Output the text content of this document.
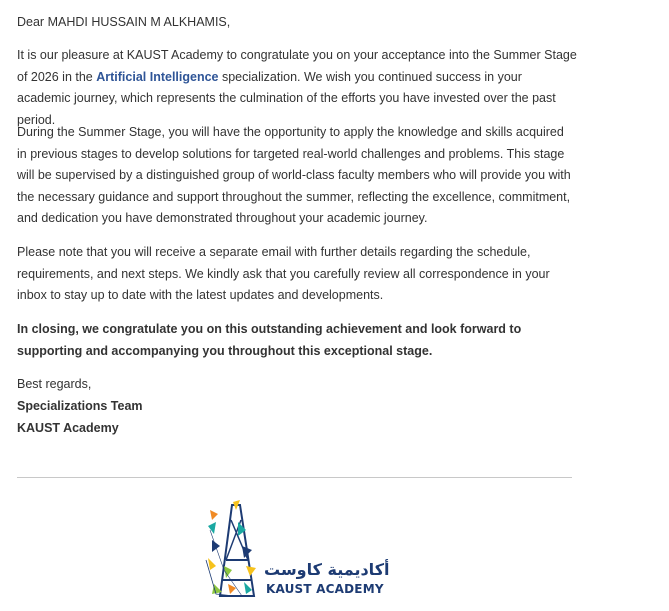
Dear MAHDI HUSSAIN M ALKHAMIS,

It is our pleasure at KAUST Academy to congratulate you on your acceptance into the Summer Stage of 2026 in the Artificial Intelligence specialization. We wish you continued success in your academic journey, which represents the culmination of the efforts you have invested over the past period.

During the Summer Stage, you will have the opportunity to apply the knowledge and skills acquired in previous stages to develop solutions for targeted real-world challenges and problems. This stage will be supervised by a distinguished group of world-class faculty members who will provide you with the necessary guidance and support throughout the summer, reflecting the excellence, commitment, and dedication you have demonstrated throughout your academic journey.

Please note that you will receive a separate email with further details regarding the schedule, requirements, and next steps. We kindly ask that you carefully review all correspondence in your inbox to stay up to date with the latest updates and developments.

In closing, we congratulate you on this outstanding achievement and look forward to supporting and accompanying you throughout this exceptional stage.

Best regards,
Specializations Team
KAUST Academy
أكاديمية كاوست
KAUST ACADEMY
